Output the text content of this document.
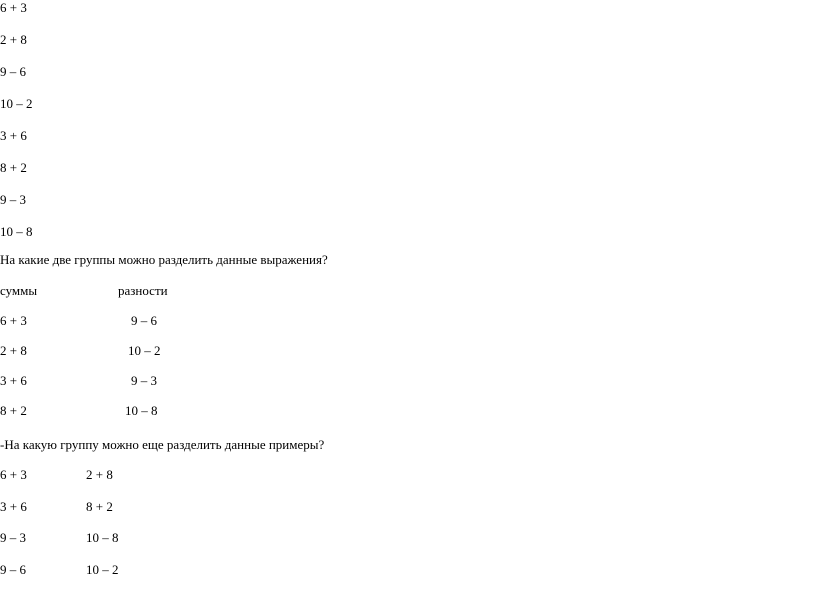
6 + 3
2 + 8
9 – 6
10 – 2
3 + 6
8 + 2
9 – 3
10 – 8
На какие две группы можно разделить данные выражения?
суммы	разности
6 + 3	9 – 6
2 + 8	10 – 2
3 + 6	9 – 3
8 + 2	10 – 8
-На какую группу можно еще разделить данные примеры?
6 + 3	2 + 8
3 + 6	8 + 2
9 – 3	10 – 8
9 – 6	10 – 2
